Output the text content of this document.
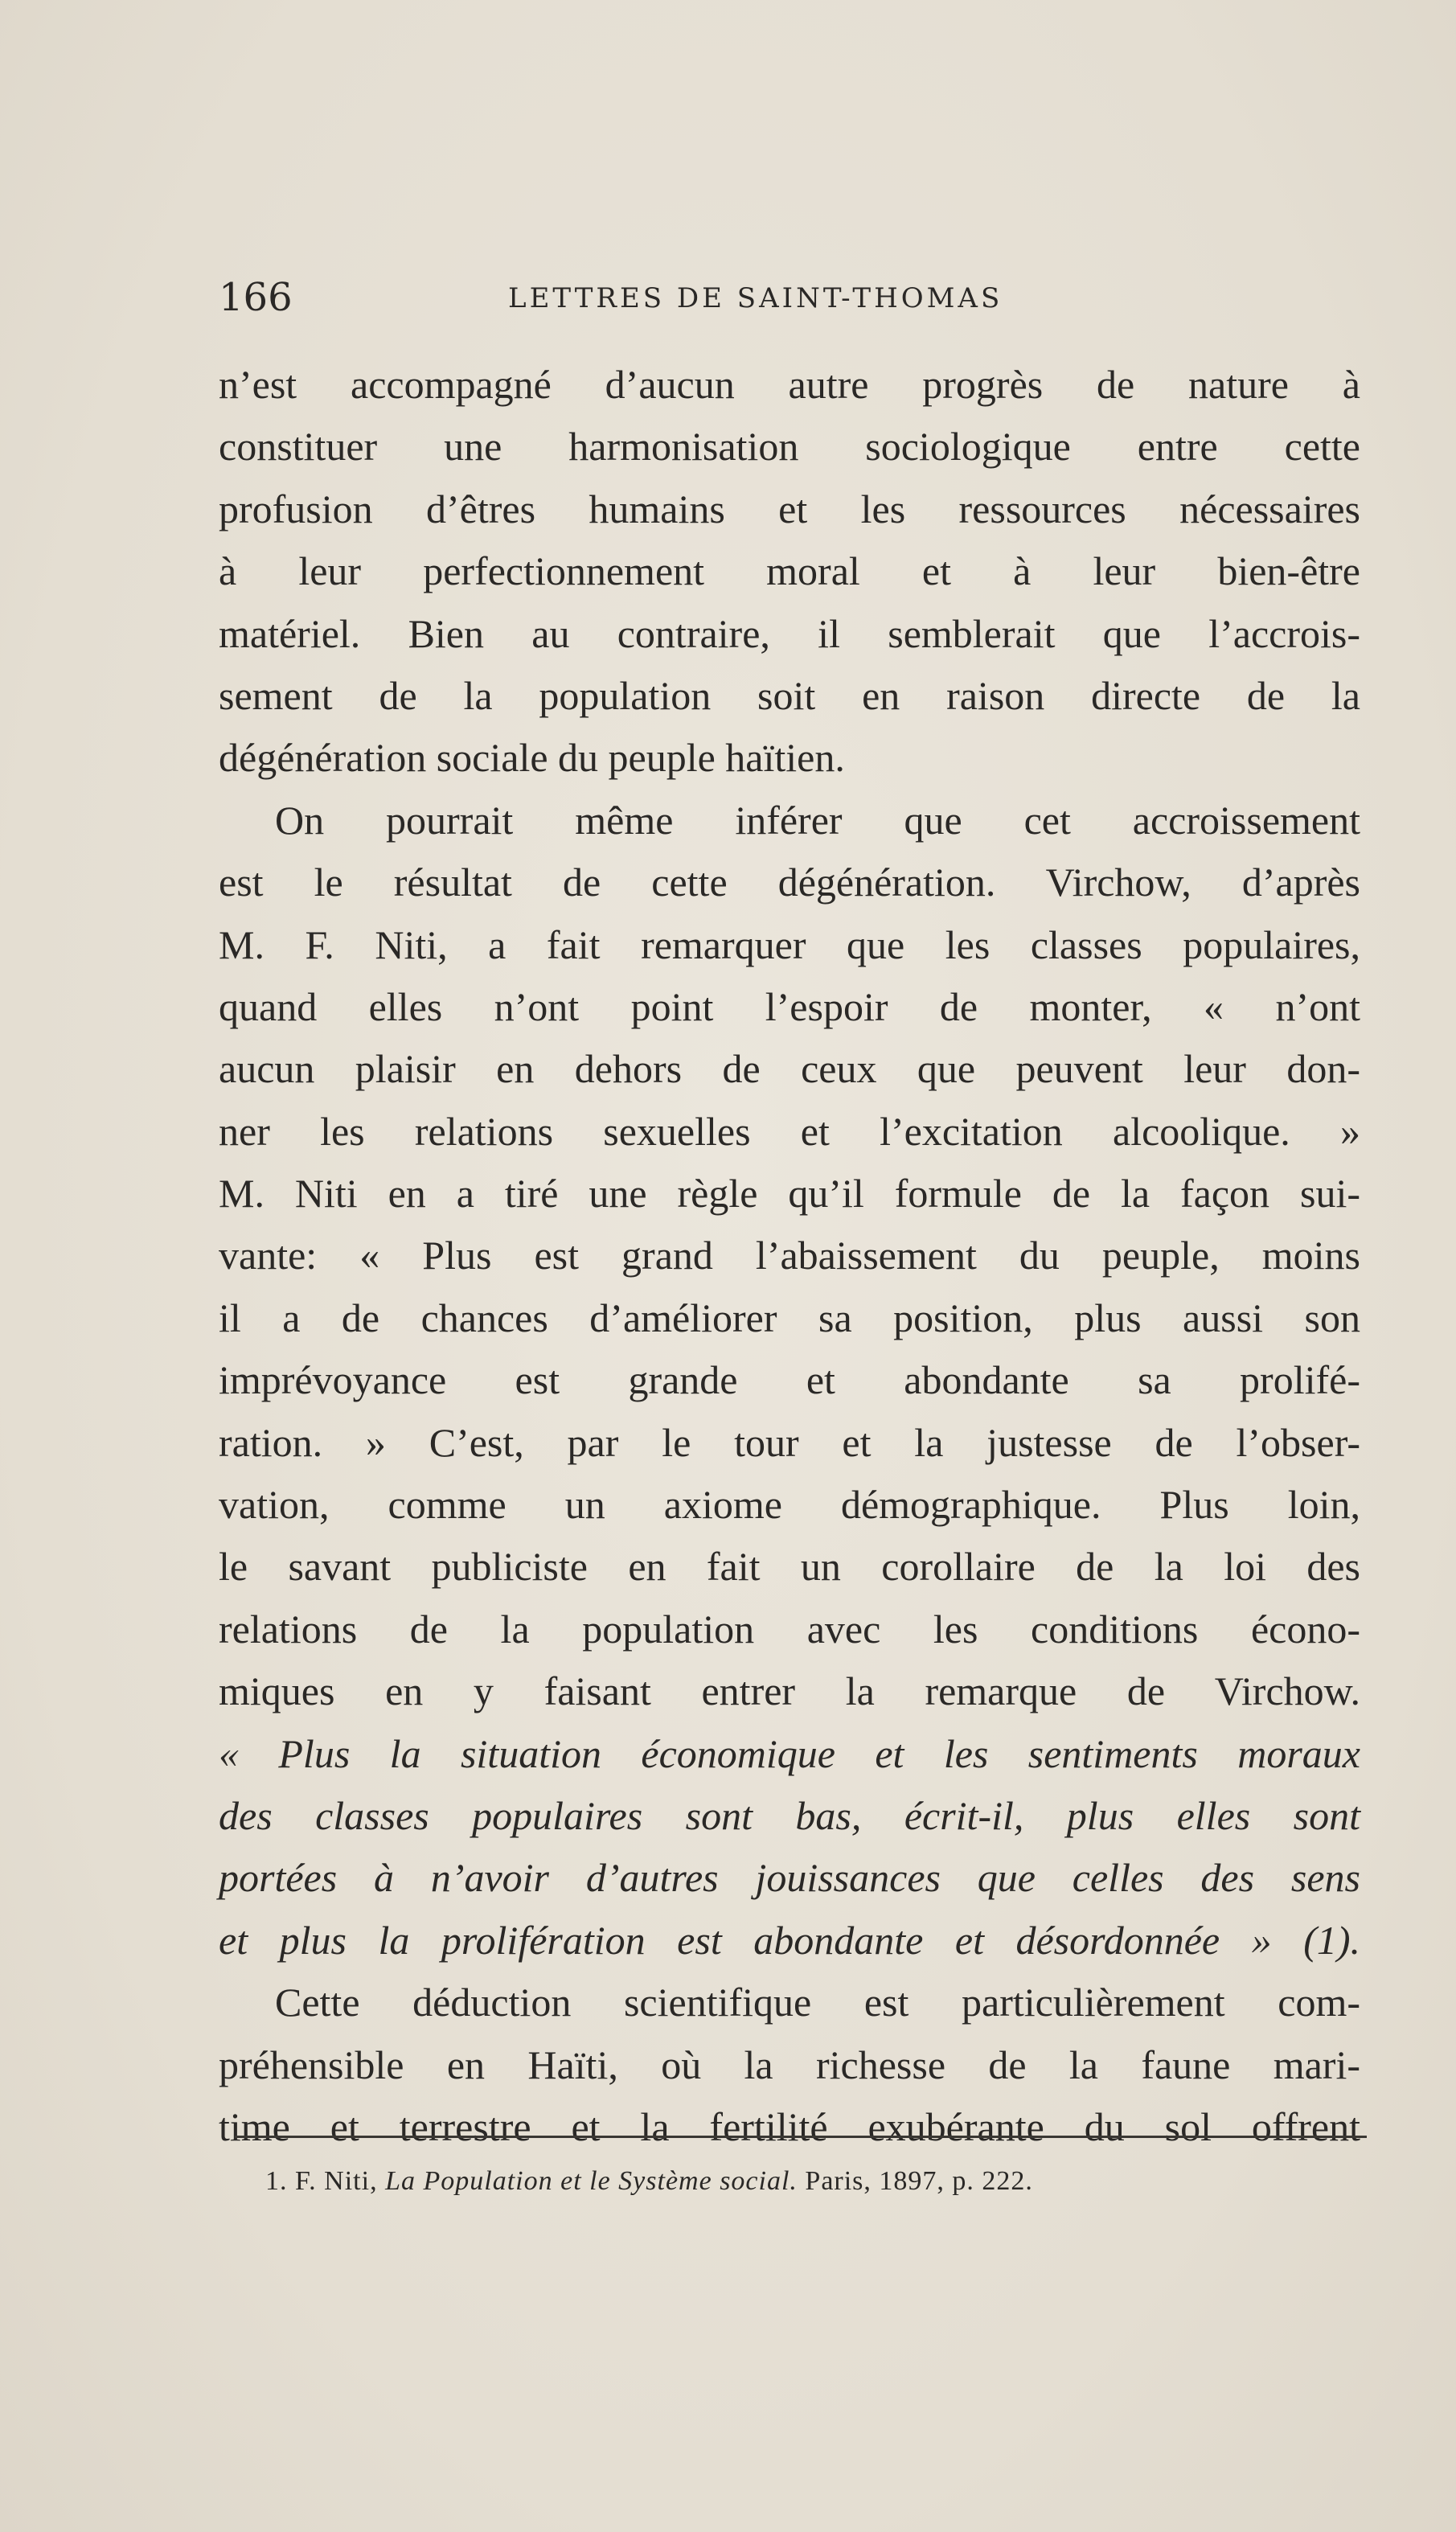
166	LETTRES DE SAINT-THOMAS
n’est accompagné d’aucun autre progrès de nature à
constituer une harmonisation sociologique entre cette
profusion d’êtres humains et les ressources nécessaires
à leur perfectionnement moral et à leur bien-être
matériel. Bien au contraire, il semblerait que l’accrois-
sement de la population soit en raison directe de la
dégénération sociale du peuple haïtien.
On pourrait même inférer que cet accroissement
est le résultat de cette dégénération. Virchow, d’après
M. F. Niti, a fait remarquer que les classes populaires,
quand elles n’ont point l’espoir de monter, « n’ont
aucun plaisir en dehors de ceux que peuvent leur don-
ner les relations sexuelles et l’excitation alcoolique. »
M. Niti en a tiré une règle qu’il formule de la façon sui-
vante: « Plus est grand l’abaissement du peuple, moins
il a de chances d’améliorer sa position, plus aussi son
imprévoyance est grande et abondante sa prolifé-
ration. » C’est, par le tour et la justesse de l’obser-
vation, comme un axiome démographique. Plus loin,
le savant publiciste en fait un corollaire de la loi des
relations de la population avec les conditions écono-
miques en y faisant entrer la remarque de Virchow.
« Plus la situation économique et les sentiments moraux
des classes populaires sont bas, écrit-il, plus elles sont
portées à n’avoir d’autres jouissances que celles des sens
et plus la prolifération est abondante et désordonnée » (1).
Cette déduction scientifique est particulièrement com-
préhensible en Haïti, où la richesse de la faune mari-
time et terrestre et la fertilité exubérante du sol offrent
1. F. Niti, La Population et le Système social. Paris, 1897, p. 222.
